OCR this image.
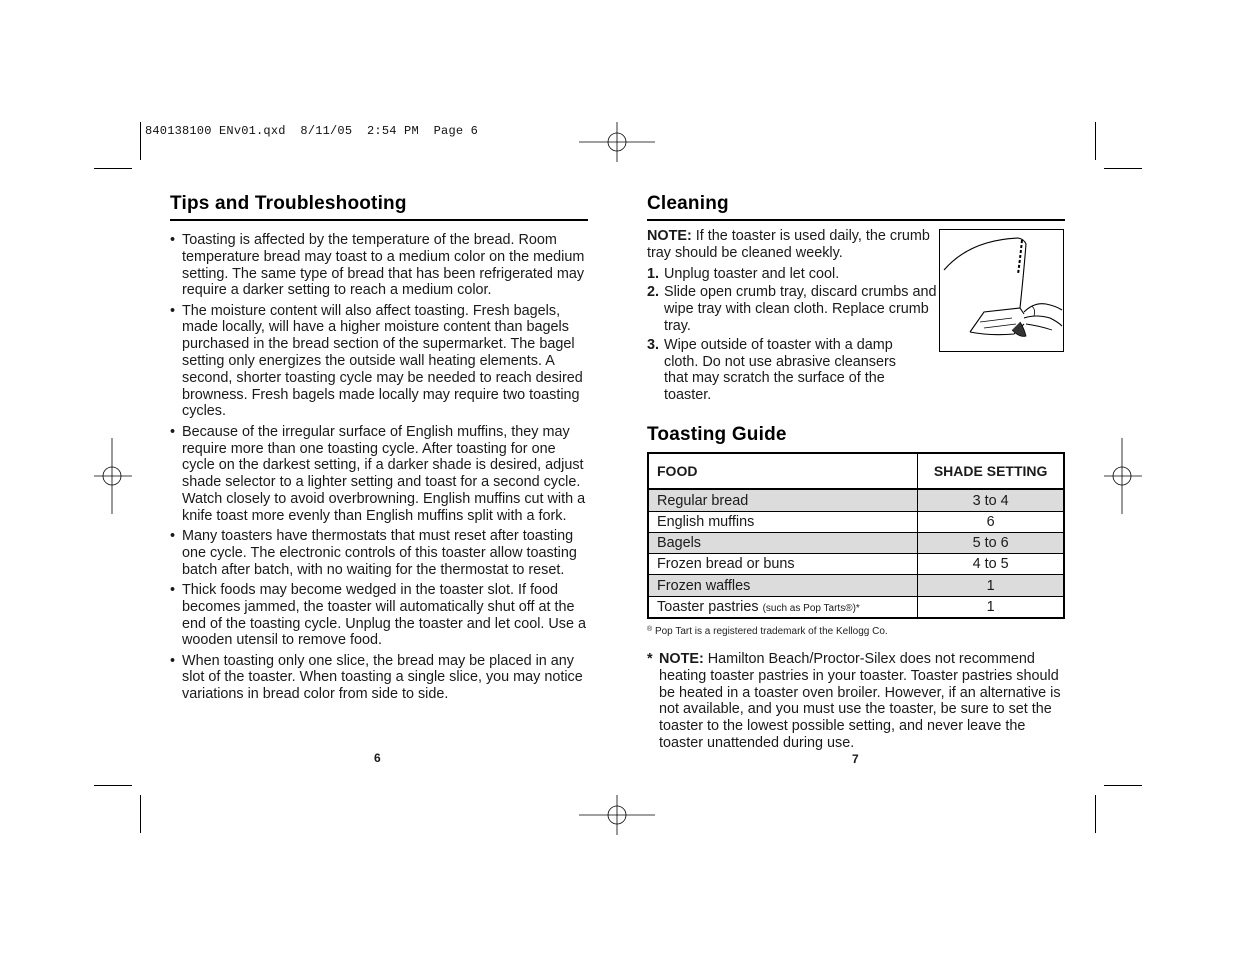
840138100 ENv01.qxd  8/11/05  2:54 PM  Page 6
Tips and Troubleshooting
• Toasting is affected by the temperature of the bread. Room temperature bread may toast to a medium color on the medium setting. The same type of bread that has been refrigerated may require a darker setting to reach a medium color.
• The moisture content will also affect toasting. Fresh bagels, made locally, will have a higher moisture content than bagels purchased in the bread section of the supermarket. The bagel setting only energizes the outside wall heating elements. A second, shorter toasting cycle may be needed to reach desired browness. Fresh bagels made locally may require two toasting cycles.
• Because of the irregular surface of English muffins, they may require more than one toasting cycle. After toasting for one cycle on the darkest setting, if a darker shade is desired, adjust shade selector to a lighter setting and toast for a second cycle. Watch closely to avoid overbrowning. English muffins cut with a knife toast more evenly than English muffins split with a fork.
• Many toasters have thermostats that must reset after toasting one cycle. The electronic controls of this toaster allow toasting batch after batch, with no waiting for the thermostat to reset.
• Thick foods may become wedged in the toaster slot. If food becomes jammed, the toaster will automatically shut off at the end of the toasting cycle. Unplug the toaster and let cool. Use a wooden utensil to remove food.
• When toasting only one slice, the bread may be placed in any slot of the toaster. When toasting a single slice, you may notice variations in bread color from side to side.
6
Cleaning
NOTE: If the toaster is used daily, the crumb tray should be cleaned weekly.
1. Unplug toaster and let cool.
2. Slide open crumb tray, discard crumbs and wipe tray with clean cloth. Replace crumb tray.
3. Wipe outside of toaster with a damp cloth. Do not use abrasive cleansers that may scratch the surface of the toaster.
Toasting Guide
FOOD	SHADE SETTING
Regular bread	3 to 4
English muffins	6
Bagels	5 to 6
Frozen bread or buns	4 to 5
Frozen waffles	1
Toaster pastries (such as Pop Tarts®)*	1
® Pop Tart is a registered trademark of the Kellogg Co.
* NOTE: Hamilton Beach/Proctor-Silex does not recommend heating toaster pastries in your toaster. Toaster pastries should be heated in a toaster oven broiler. However, if an alternative is not available, and you must use the toaster, be sure to set the toaster to the lowest possible setting, and never leave the toaster unattended during use.
7
